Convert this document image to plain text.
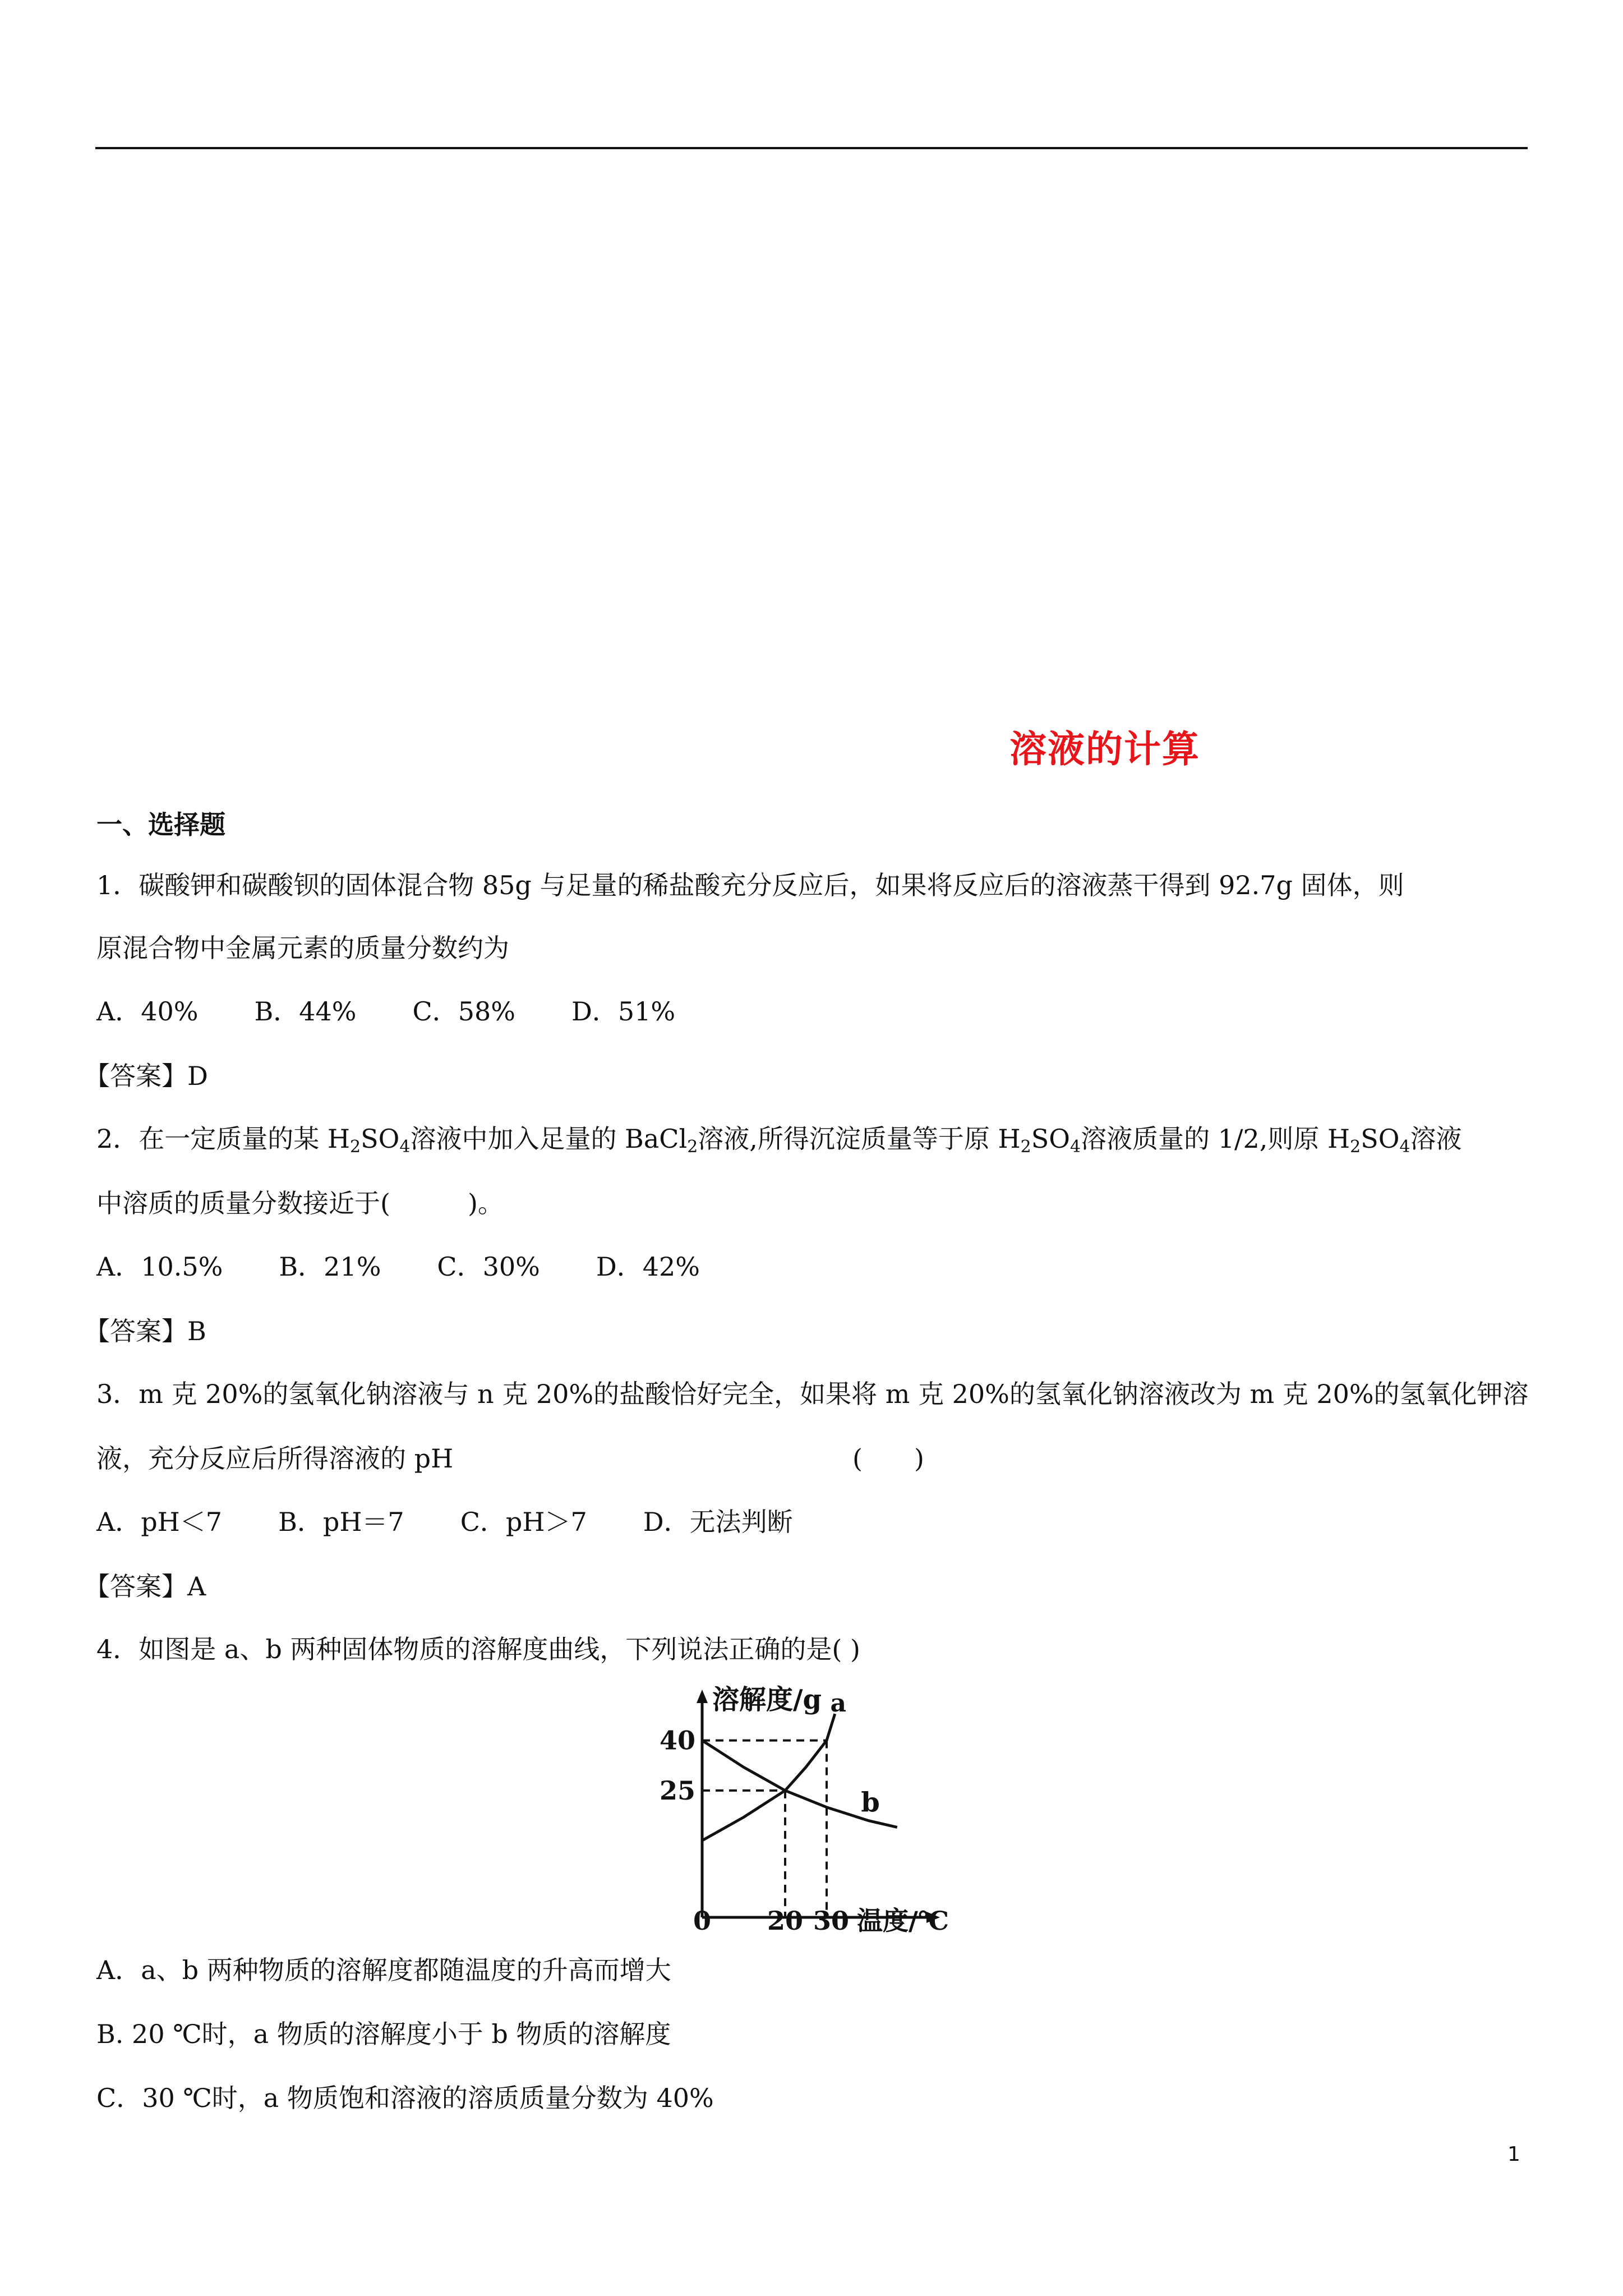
溶液的计算
一、选择题
1．碳酸钾和碳酸钡的固体混合物 85g 与足量的稀盐酸充分反应后，如果将反应后的溶液蒸干得到 92.7g 固体，则
原混合物中金属元素的质量分数约为
A．40% B．44% C．58% D．51%
【答案】D
2．在一定质量的某 $H_2SO_4$溶液中加入足量的 BaCl$_2$溶液,所得沉淀质量等于原 $H_2SO_4$溶液质量的 1/2,则原 $H_2SO_4$溶液
中溶质的质量分数接近于(　　　)。
A．10.5% B．21% C．30% D．42%
【答案】B
3．m 克 20%的氢氧化钠溶液与 n 克 20%的盐酸恰好完全，如果将 m 克 20%的氢氧化钠溶液改为 m 克 20%的氢氧化钾溶
液，充分反应后所得溶液的 pH	(　　)
A．pH＜7 B．pH＝7 C．pH＞7 D．无法判断
【答案】A
4．如图是 a、b 两种固体物质的溶解度曲线，下列说法正确的是( )
溶解度/g
温度/℃
0 20 30
40
25
a
b
A．a、b 两种物质的溶解度都随温度的升高而增大
B. 20 ℃时，a 物质的溶解度小于 b 物质的溶解度
C．30 ℃时，a 物质饱和溶液的溶质质量分数为 40%
1
